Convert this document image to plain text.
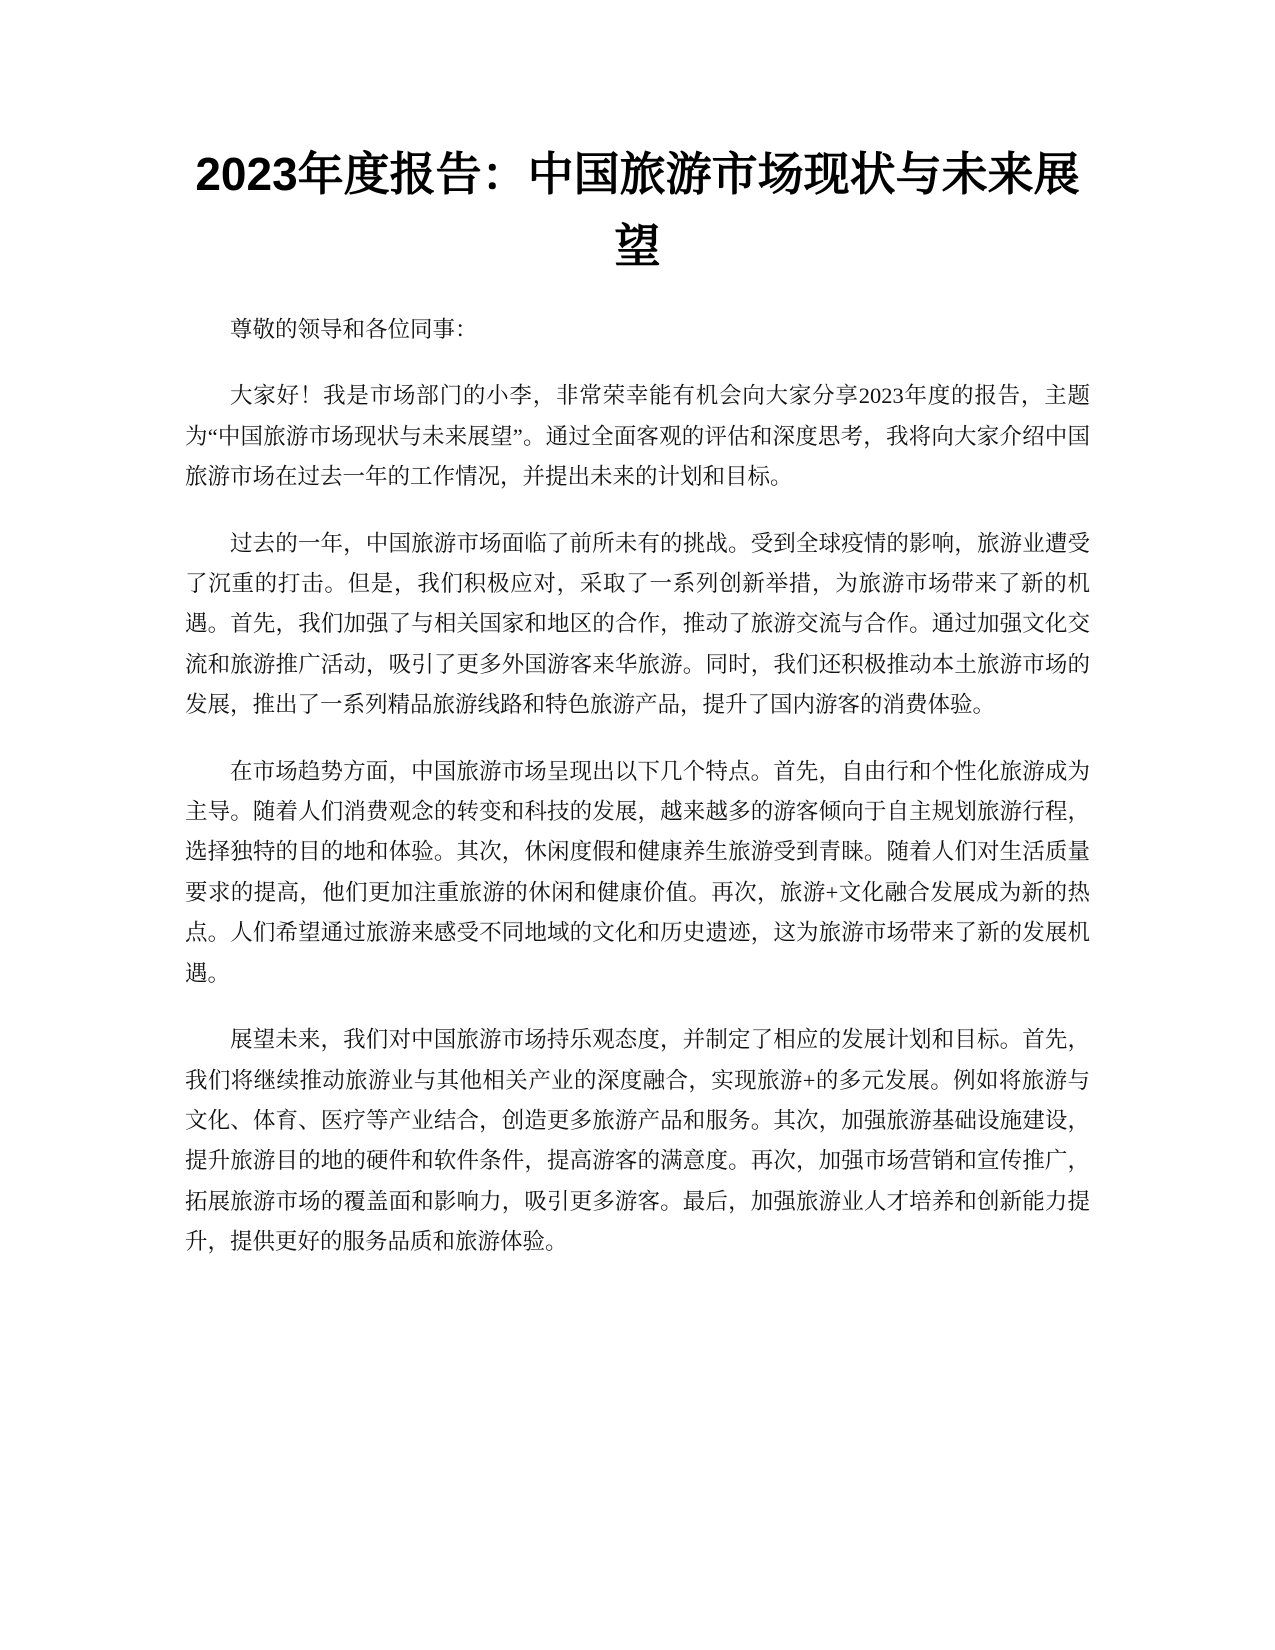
2023年度报告：中国旅游市场现状与未来展望

尊敬的领导和各位同事：

大家好！我是市场部门的小李，非常荣幸能有机会向大家分享2023年度的报告，主题为“中国旅游市场现状与未来展望”。通过全面客观的评估和深度思考，我将向大家介绍中国旅游市场在过去一年的工作情况，并提出未来的计划和目标。

过去的一年，中国旅游市场面临了前所未有的挑战。受到全球疫情的影响，旅游业遭受了沉重的打击。但是，我们积极应对，采取了一系列创新举措，为旅游市场带来了新的机遇。首先，我们加强了与相关国家和地区的合作，推动了旅游交流与合作。通过加强文化交流和旅游推广活动，吸引了更多外国游客来华旅游。同时，我们还积极推动本土旅游市场的发展，推出了一系列精品旅游线路和特色旅游产品，提升了国内游客的消费体验。

在市场趋势方面，中国旅游市场呈现出以下几个特点。首先，自由行和个性化旅游成为主导。随着人们消费观念的转变和科技的发展，越来越多的游客倾向于自主规划旅游行程，选择独特的目的地和体验。其次，休闲度假和健康养生旅游受到青睐。随着人们对生活质量要求的提高，他们更加注重旅游的休闲和健康价值。再次，旅游+文化融合发展成为新的热点。人们希望通过旅游来感受不同地域的文化和历史遗迹，这为旅游市场带来了新的发展机遇。

展望未来，我们对中国旅游市场持乐观态度，并制定了相应的发展计划和目标。首先，我们将继续推动旅游业与其他相关产业的深度融合，实现旅游+的多元发展。例如将旅游与文化、体育、医疗等产业结合，创造更多旅游产品和服务。其次，加强旅游基础设施建设，提升旅游目的地的硬件和软件条件，提高游客的满意度。再次，加强市场营销和宣传推广，拓展旅游市场的覆盖面和影响力，吸引更多游客。最后，加强旅游业人才培养和创新能力提升，提供更好的服务品质和旅游体验。
